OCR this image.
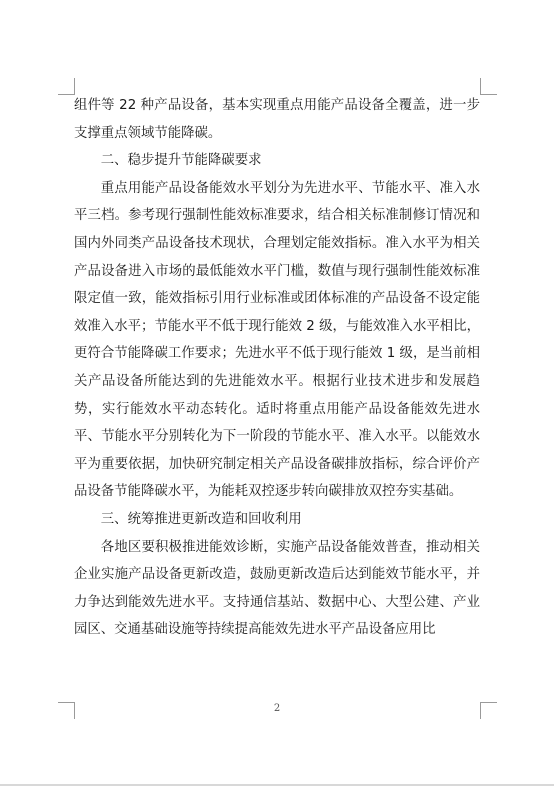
组件等 22 种产品设备，基本实现重点用能产品设备全覆盖，进一步支撑重点领域节能降碳。

二、稳步提升节能降碳要求

重点用能产品设备能效水平划分为先进水平、节能水平、准入水平三档。参考现行强制性能效标准要求，结合相关标准制修订情况和国内外同类产品设备技术现状，合理划定能效指标。准入水平为相关产品设备进入市场的最低能效水平门槛，数值与现行强制性能效标准限定值一致，能效指标引用行业标准或团体标准的产品设备不设定能效准入水平；节能水平不低于现行能效 2 级，与能效准入水平相比，更符合节能降碳工作要求；先进水平不低于现行能效 1 级，是当前相关产品设备所能达到的先进能效水平。根据行业技术进步和发展趋势，实行能效水平动态转化。适时将重点用能产品设备能效先进水平、节能水平分别转化为下一阶段的节能水平、准入水平。以能效水平为重要依据，加快研究制定相关产品设备碳排放指标，综合评价产品设备节能降碳水平，为能耗双控逐步转向碳排放双控夯实基础。

三、统筹推进更新改造和回收利用

各地区要积极推进能效诊断，实施产品设备能效普查，推动相关企业实施产品设备更新改造，鼓励更新改造后达到能效节能水平，并力争达到能效先进水平。支持通信基站、数据中心、大型公建、产业园区、交通基础设施等持续提高能效先进水平产品设备应用比

2
